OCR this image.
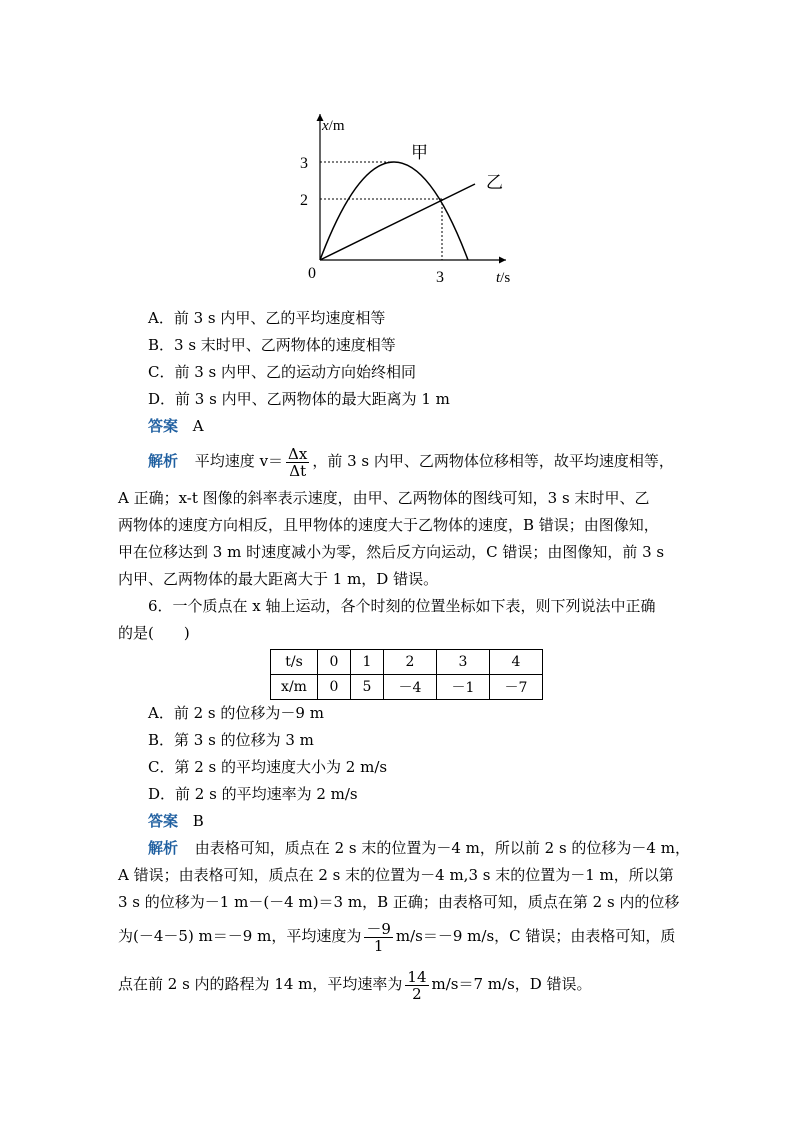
x/m
t/s
0
3
2
3
甲
乙
A．前 3 s 内甲、乙的平均速度相等
B．3 s 末时甲、乙两物体的速度相等
C．前 3 s 内甲、乙的运动方向始终相同
D．前 3 s 内甲、乙两物体的最大距离为 1 m
答案 A
解析 平均速度 $v= \frac{\Delta x}{\Delta t}$ ，前 3 s 内甲、乙两物体位移相等，故平均速度相等，
A 正确；x-t 图像的斜率表示速度，由甲、乙两物体的图线可知，3 s 末时甲、乙
两物体的速度方向相反，且甲物体的速度大于乙物体的速度，B 错误；由图像知，
甲在位移达到 3 m 时速度减小为零，然后反方向运动，C 错误；由图像知，前 3 s
内甲、乙两物体的最大距离大于 1 m，D 错误。
6．一个质点在 x 轴上运动，各个时刻的位置坐标如下表，则下列说法中正确
的是(　　)
t/s	0	1	2	3	4
x/m	0	5	－4	－1	－7
A．前 2 s 的位移为－9 m
B．第 3 s 的位移为 3 m
C．第 2 s 的平均速度大小为 2 m/s
D．前 2 s 的平均速率为 2 m/s
答案 B
解析 由表格可知，质点在 2 s 末的位置为－4 m，所以前 2 s 的位移为－4 m，
A 错误；由表格可知，质点在 2 s 末的位置为－4 m,3 s 末的位置为－1 m，所以第
3 s 的位移为－1 m－(－4 m)＝3 m，B 正确；由表格可知，质点在第 2 s 内的位移
为(－4－5) m＝－9 m，平均速度为 $\frac{-9}{1} m/s=-9$ m/s，C 错误；由表格可知，质
点在前 2 s 内的路程为 14 m，平均速率为 $\frac{14}{2} m/s=7$ m/s，D 错误。
